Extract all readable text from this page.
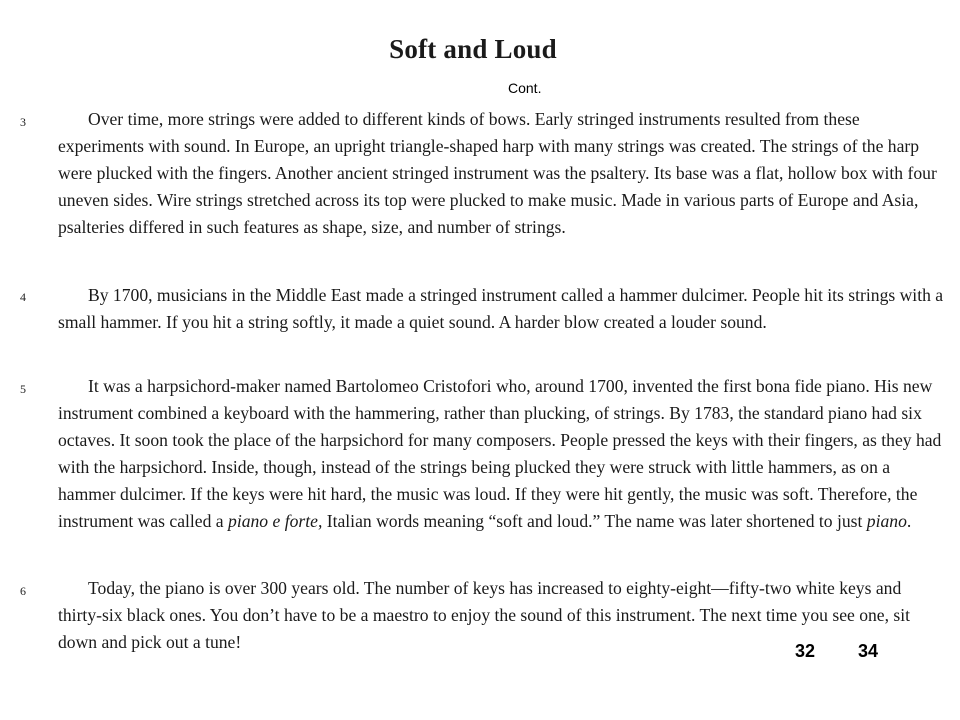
Soft and Loud
Cont.
3	Over time, more strings were added to different kinds of bows. Early stringed instruments resulted from these experiments with sound. In Europe, an upright triangle-shaped harp with many strings was created. The strings of the harp were plucked with the fingers. Another ancient stringed instrument was the psaltery. Its base was a flat, hollow box with four uneven sides. Wire strings stretched across its top were plucked to make music. Made in various parts of Europe and Asia, psalteries differed in such features as shape, size, and number of strings.
4	By 1700, musicians in the Middle East made a stringed instrument called a hammer dulcimer. People hit its strings with a small hammer. If you hit a string softly, it made a quiet sound. A harder blow created a louder sound.
5	It was a harpsichord-maker named Bartolomeo Cristofori who, around 1700, invented the first bona fide piano. His new instrument combined a keyboard with the hammering, rather than plucking, of strings. By 1783, the standard piano had six octaves. It soon took the place of the harpsichord for many composers. People pressed the keys with their fingers, as they had with the harpsichord. Inside, though, instead of the strings being plucked they were struck with little hammers, as on a hammer dulcimer. If the keys were hit hard, the music was loud. If they were hit gently, the music was soft. Therefore, the instrument was called a piano e forte, Italian words meaning “soft and loud.” The name was later shortened to just piano.
6	Today, the piano is over 300 years old. The number of keys has increased to eighty-eight—fifty-two white keys and thirty-six black ones. You don’t have to be a maestro to enjoy the sound of this instrument. The next time you see one, sit down and pick out a tune!	32 34
